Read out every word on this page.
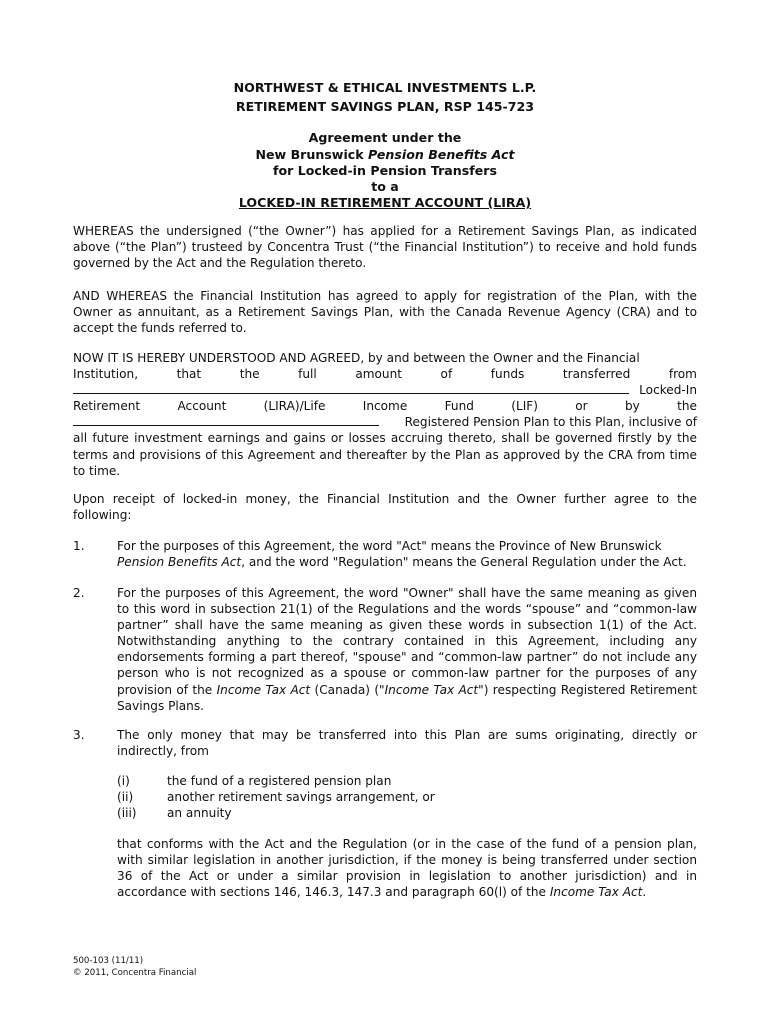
NORTHWEST & ETHICAL INVESTMENTS L.P.
RETIREMENT SAVINGS PLAN, RSP 145-723
Agreement under the
New Brunswick Pension Benefits Act
for Locked-in Pension Transfers
to a
LOCKED-IN RETIREMENT ACCOUNT (LIRA)

WHEREAS the undersigned (“the Owner”) has applied for a Retirement Savings Plan, as indicated above (“the Plan”) trusteed by Concentra Trust (“the Financial Institution”) to receive and hold funds governed by the Act and the Regulation thereto.

AND WHEREAS the Financial Institution has agreed to apply for registration of the Plan, with the Owner as annuitant, as a Retirement Savings Plan, with the Canada Revenue Agency (CRA) and to accept the funds referred to.

NOW IT IS HEREBY UNDERSTOOD AND AGREED, by and between the Owner and the Financial
Institution,	that	the	full	amount	of	funds	transferred	from
Locked-In
Retirement	Account	(LIRA)/Life	Income	Fund	(LIF)	or	by	the
Registered Pension Plan to this Plan, inclusive of
all future investment earnings and gains or losses accruing thereto, shall be governed firstly by the terms and provisions of this Agreement and thereafter by the Plan as approved by the CRA from time to time.

Upon receipt of locked-in money, the Financial Institution and the Owner further agree to the following:

1.	For the purposes of this Agreement, the word "Act" means the Province of New Brunswick
Pension Benefits Act, and the word "Regulation" means the General Regulation under the Act.

2.	For the purposes of this Agreement, the word "Owner" shall have the same meaning as given to this word in subsection 21(1) of the Regulations and the words “spouse” and “common-law partner” shall have the same meaning as given these words in subsection 1(1) of the Act. Notwithstanding anything to the contrary contained in this Agreement, including any endorsements forming a part thereof, "spouse" and “common-law partner” do not include any person who is not recognized as a spouse or common-law partner for the purposes of any provision of the Income Tax Act (Canada) ("Income Tax Act") respecting Registered Retirement Savings Plans.

3.	The only money that may be transferred into this Plan are sums originating, directly or indirectly, from

(i)	the fund of a registered pension plan
(ii)	another retirement savings arrangement, or
(iii)	an annuity

that conforms with the Act and the Regulation (or in the case of the fund of a pension plan, with similar legislation in another jurisdiction, if the money is being transferred under section 36 of the Act or under a similar provision in legislation to another jurisdiction) and in accordance with sections 146, 146.3, 147.3 and paragraph 60(l) of the Income Tax Act.

500-103 (11/11)
© 2011, Concentra Financial
